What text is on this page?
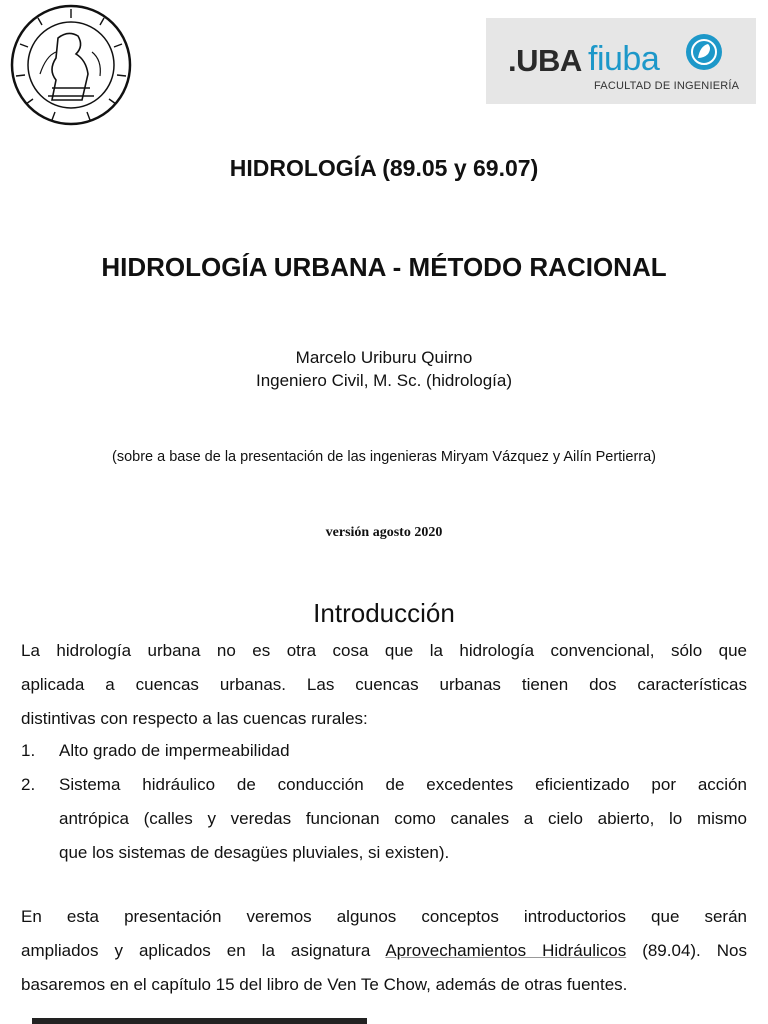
.UBA fiuba
FACULTAD DE INGENIERÍA
HIDROLOGÍA (89.05 y 69.07)
HIDROLOGÍA URBANA - MÉTODO RACIONAL
Marcelo Uriburu Quirno
Ingeniero Civil, M. Sc. (hidrología)
(sobre a base de la presentación de las ingenieras Miryam Vázquez y Ailín Pertierra)
versión agosto 2020
Introducción
La hidrología urbana no es otra cosa que la hidrología convencional, sólo que
aplicada a cuencas urbanas. Las cuencas urbanas tienen dos características
distintivas con respecto a las cuencas rurales:
1. Alto grado de impermeabilidad
2. Sistema hidráulico de conducción de excedentes eficientizado por acción
antrópica (calles y veredas funcionan como canales a cielo abierto, lo mismo
que los sistemas de desagües pluviales, si existen).
En esta presentación veremos algunos conceptos introductorios que serán
ampliados y aplicados en la asignatura Aprovechamientos Hidráulicos (89.04). Nos
basaremos en el capítulo 15 del libro de Ven Te Chow, además de otras fuentes.
